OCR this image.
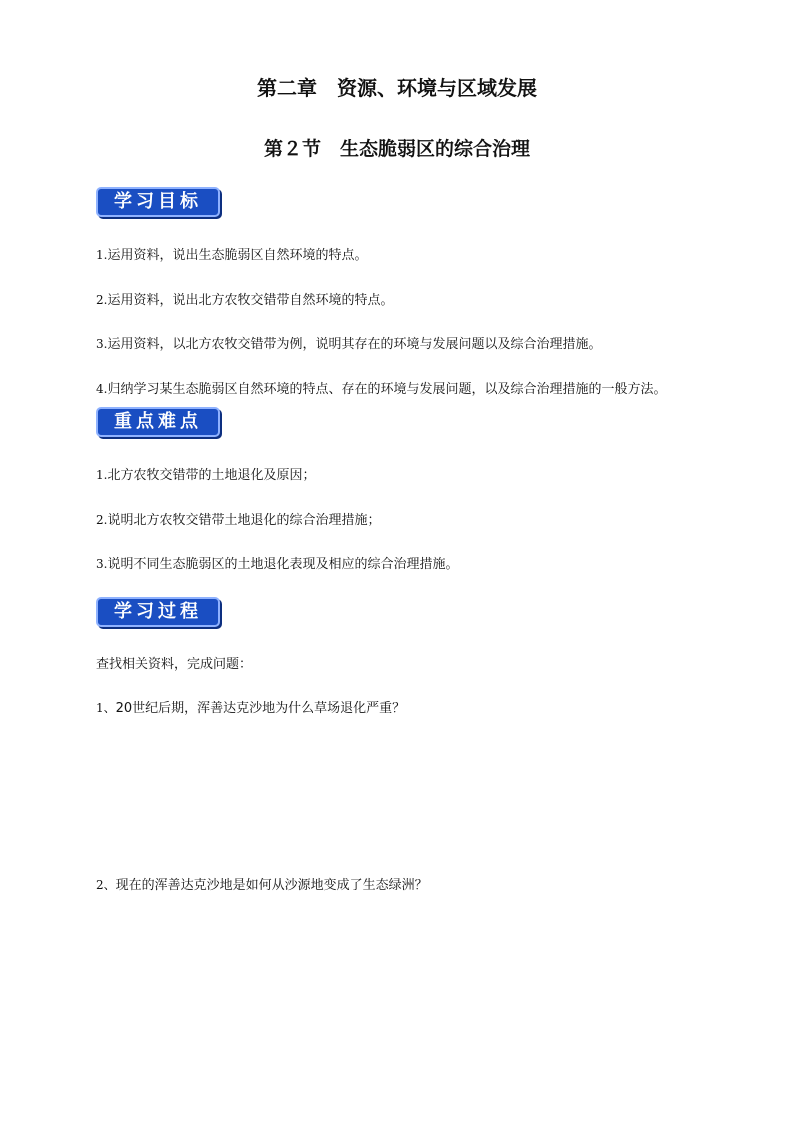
第二章　资源、环境与区域发展
第２节　生态脆弱区的综合治理
学习目标

1.运用资料，说出生态脆弱区自然环境的特点。

2.运用资料，说出北方农牧交错带自然环境的特点。

3.运用资料，以北方农牧交错带为例，说明其存在的环境与发展问题以及综合治理措施。

4.归纳学习某生态脆弱区自然环境的特点、存在的环境与发展问题，以及综合治理措施的一般方法。

重点难点

1.北方农牧交错带的土地退化及原因；

2.说明北方农牧交错带土地退化的综合治理措施；

3.说明不同生态脆弱区的土地退化表现及相应的综合治理措施。

学习过程

查找相关资料，完成问题：

1、20世纪后期，浑善达克沙地为什么草场退化严重？

2、现在的浑善达克沙地是如何从沙源地变成了生态绿洲？
